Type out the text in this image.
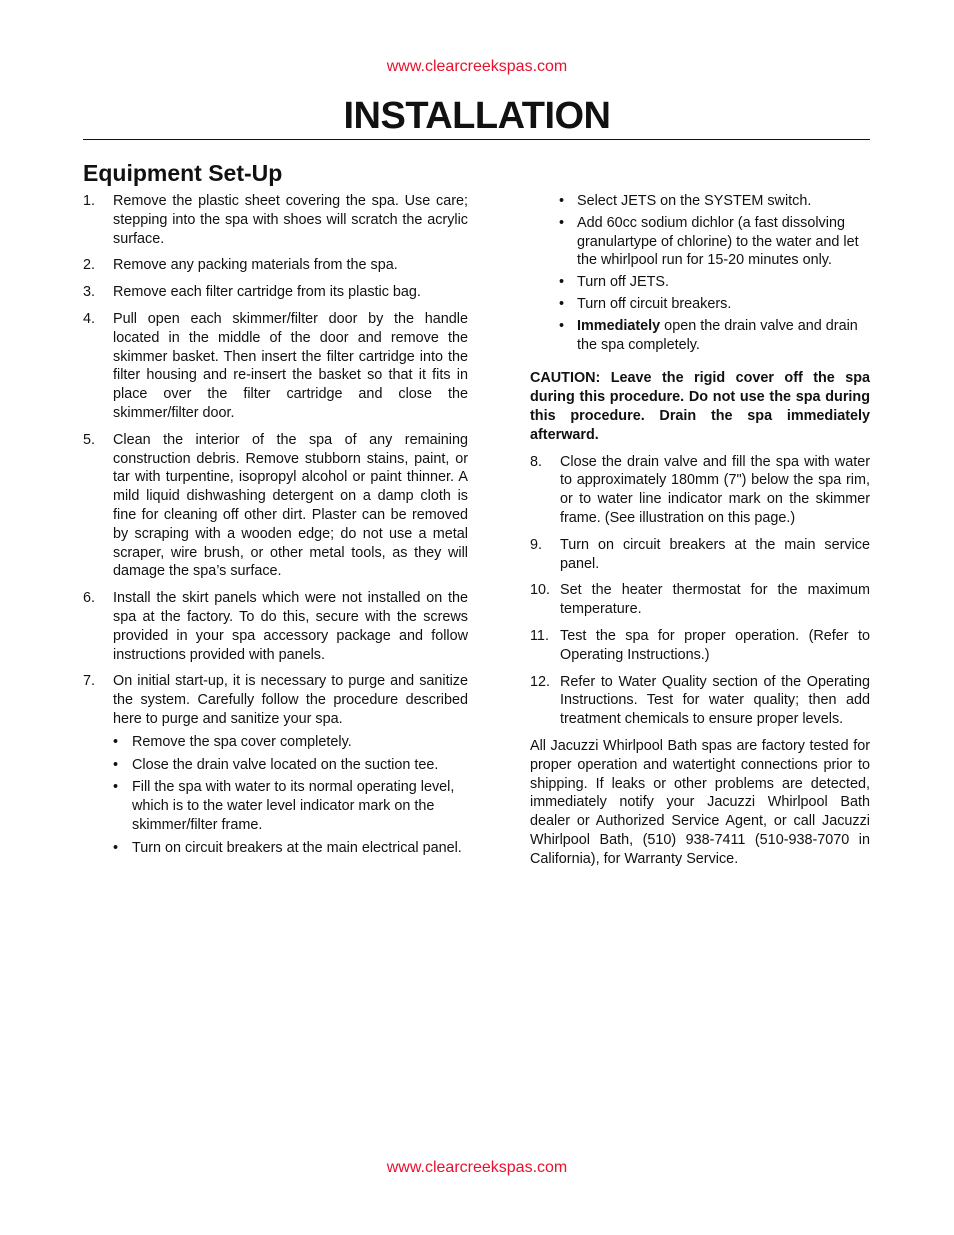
www.clearcreekspas.com
INSTALLATION
Equipment Set-Up
1. Remove the plastic sheet covering the spa. Use care; stepping into the spa with shoes will scratch the acrylic surface.
2. Remove any packing materials from the spa.
3. Remove each filter cartridge from its plastic bag.
4. Pull open each skimmer/filter door by the handle located in the middle of the door and remove the skimmer basket. Then insert the filter cartridge into the filter housing and re-insert the basket so that it fits in place over the filter cartridge and close the skimmer/filter door.
5. Clean the interior of the spa of any remaining construction debris. Remove stubborn stains, paint, or tar with turpentine, isopropyl alcohol or paint thinner. A mild liquid dishwashing detergent on a damp cloth is fine for cleaning off other dirt. Plaster can be removed by scraping with a wooden edge; do not use a metal scraper, wire brush, or other metal tools, as they will damage the spa’s surface.
6. Install the skirt panels which were not installed on the spa at the factory. To do this, secure with the screws provided in your spa accessory package and follow instructions provided with panels.
7. On initial start-up, it is necessary to purge and sanitize the system. Carefully follow the procedure described here to purge and sanitize your spa.
• Remove the spa cover completely.
• Close the drain valve located on the suction tee.
• Fill the spa with water to its normal operating level, which is to the water level indicator mark on the skimmer/filter frame.
• Turn on circuit breakers at the main electrical panel.
• Select JETS on the SYSTEM switch.
• Add 60cc sodium dichlor (a fast dissolving granulartype of chlorine) to the water and let the whirlpool run for 15-20 minutes only.
• Turn off JETS.
• Turn off circuit breakers.
• Immediately open the drain valve and drain the spa completely.
CAUTION: Leave the rigid cover off the spa during this procedure. Do not use the spa during this procedure. Drain the spa immediately afterward.
8. Close the drain valve and fill the spa with water to approximately 180mm (7") below the spa rim, or to water line indicator mark on the skimmer frame. (See illustration on this page.)
9. Turn on circuit breakers at the main service panel.
10. Set the heater thermostat for the maximum temperature.
11. Test the spa for proper operation. (Refer to Operating Instructions.)
12. Refer to Water Quality section of the Operating Instructions. Test for water quality; then add treatment chemicals to ensure proper levels.
All Jacuzzi Whirlpool Bath spas are factory tested for proper operation and watertight connections prior to shipping. If leaks or other problems are detected, immediately notify your Jacuzzi Whirlpool Bath dealer or Authorized Service Agent, or call Jacuzzi Whirlpool Bath, (510) 938-7411 (510-938-7070 in California), for Warranty Service.
www.clearcreekspas.com
